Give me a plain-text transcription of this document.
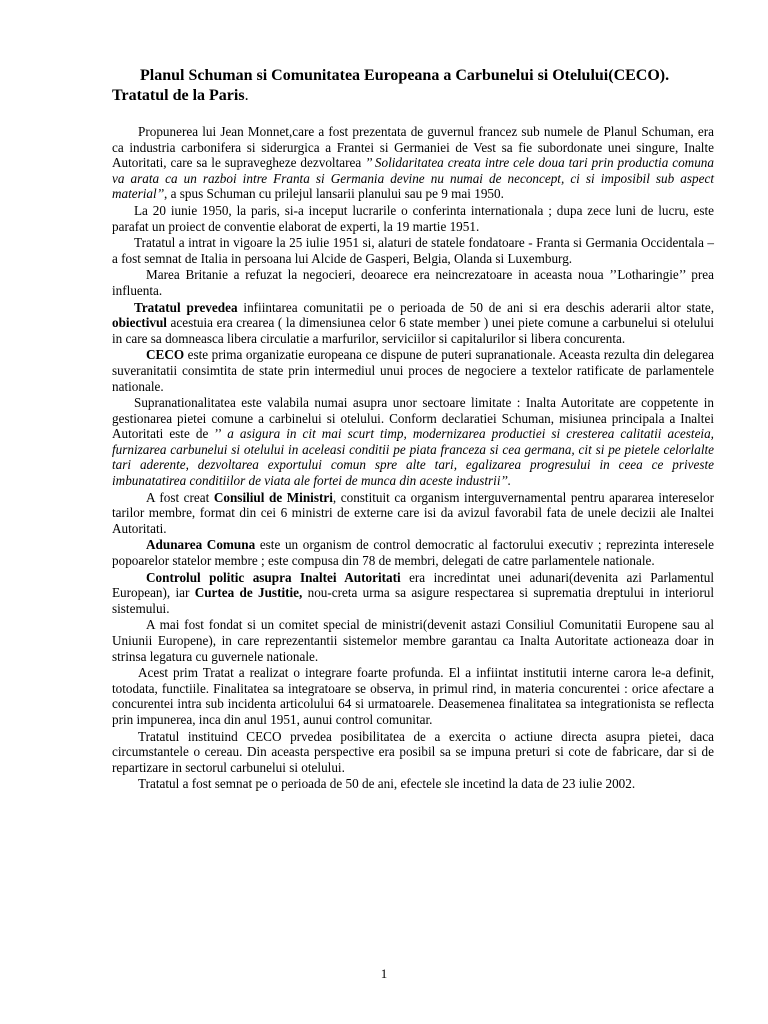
Planul Schuman si Comunitatea Europeana a Carbunelui si Otelului(CECO). Tratatul de la Paris.

Propunerea lui Jean Monnet,care a fost prezentata de guvernul francez sub numele de Planul Schuman, era ca industria carbonifera si siderurgica a Frantei si Germaniei de Vest sa fie subordonate unei singure, Inalte Autoritati, care sa le supravegheze dezvoltarea ’’ Solidaritatea creata intre cele doua tari prin productia comuna va arata ca un razboi intre Franta si Germania devine nu numai de neconcept, ci si imposibil sub aspect material’’, a spus Schuman cu prilejul lansarii planului sau pe 9 mai 1950.

La 20 iunie 1950, la paris, si-a inceput lucrarile o conferinta internationala ; dupa zece luni de lucru, este parafat un proiect de conventie elaborat de experti, la 19 martie 1951.

Tratatul a intrat in vigoare la 25 iulie 1951 si, alaturi de statele fondatoare - Franta si Germania Occidentala – a fost semnat de Italia in persoana lui Alcide de Gasperi, Belgia, Olanda si Luxemburg.

Marea Britanie a refuzat la negocieri, deoarece era neincrezatoare in aceasta noua ’’Lotharingie’’ prea influenta.

Tratatul prevedea infiintarea comunitatii pe o perioada de 50 de ani si era deschis aderarii altor state, obiectivul acestuia era crearea ( la dimensiunea celor 6 state member ) unei piete comune a carbunelui si otelului in care sa domneasca libera circulatie a marfurilor, serviciilor si capitalurilor si libera concurenta.

CECO este prima organizatie europeana ce dispune de puteri supranationale. Aceasta rezulta din delegarea suveranitatii consimtita de state prin intermediul unui proces de negociere a textelor ratificate de parlamentele nationale.

Supranationalitatea este valabila numai asupra unor sectoare limitate : Inalta Autoritate are coppetente in gestionarea pietei comune a carbinelui si otelului. Conform declaratiei Schuman, misiunea principala a Inaltei Autoritati este de ’’ a asigura in cit mai scurt timp, modernizarea productiei si cresterea calitatii acesteia, furnizarea carbunelui si otelului in aceleasi conditii pe piata franceza si cea germana, cit si pe pietele celorlalte tari aderente, dezvoltarea exportului comun spre alte tari, egalizarea progresului in ceea ce priveste imbunatatirea conditiilor de viata ale fortei de munca din aceste industrii’’.

A fost creat Consiliul de Ministri, constituit ca organism interguvernamental pentru apararea intereselor tarilor membre, format din cei 6 ministri de externe care isi da avizul favorabil fata de unele decizii ale Inaltei Autoritati.

Adunarea Comuna este un organism de control democratic al factorului executiv ; reprezinta interesele popoarelor statelor membre ; este compusa din 78 de membri, delegati de catre parlamentele nationale.

Controlul politic asupra Inaltei Autoritati era incredintat unei adunari(devenita azi Parlamentul European), iar Curtea de Justitie, nou-creta urma sa asigure respectarea si suprematia dreptului in interiorul sistemului.

A mai fost fondat si un comitet special de ministri(devenit astazi Consiliul Comunitatii Europene sau al Uniunii Europene), in care reprezentantii sistemelor membre garantau ca Inalta Autoritate actioneaza doar in strinsa legatura cu guvernele nationale.

Acest prim Tratat a realizat o integrare foarte profunda. El a infiintat institutii interne carora le-a definit, totodata, functiile. Finalitatea sa integratoare se observa, in primul rind, in materia concurentei : orice afectare a concurentei intra sub incidenta articolului 64 si urmatoarele. Deasemenea finalitatea sa integrationista se reflecta prin impunerea, inca din anul 1951, aunui control comunitar.

Tratatul instituind CECO prvedea posibilitatea de a exercita o actiune directa asupra pietei, daca circumstantele o cereau. Din aceasta perspective era posibil sa se impuna preturi si cote de fabricare, dar si de repartizare in sectorul carbunelui si otelului.

Tratatul a fost semnat pe o perioada de 50 de ani, efectele sle incetind la data de 23 iulie 2002.

1
